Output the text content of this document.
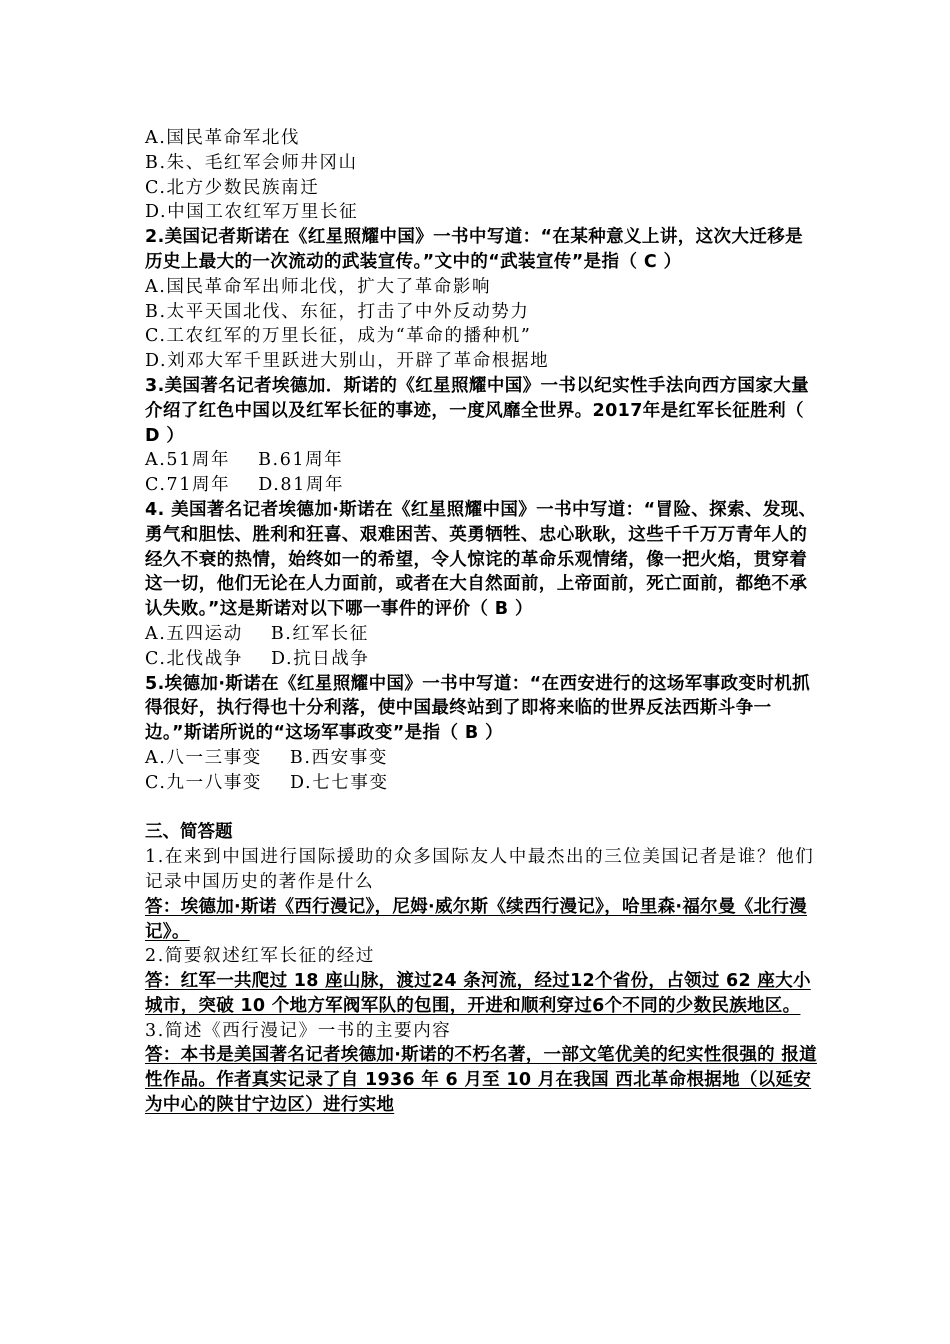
A.国民革命军北伐
B.朱、毛红军会师井冈山
C.北方少数民族南迁
D.中国工农红军万里长征
2.美国记者斯诺在《红星照耀中国》一书中写道：“在某种意义上讲，这次大迁移是历史上最大的一次流动的武装宣传。”文中的“武装宣传”是指（ C ）
A.国民革命军出师北伐，扩大了革命影响
B.太平天国北伐、东征，打击了中外反动势力
C.工农红军的万里长征，成为“革命的播种机”
D.刘邓大军千里跃进大别山，开辟了革命根据地
3.美国著名记者埃德加．斯诺的《红星照耀中国》一书以纪实性手法向西方国家大量介绍了红色中国以及红军长征的事迹，一度风靡全世界。2017年是红军长征胜利（ D ）
A.51周年 B.61周年
C.71周年 D.81周年
4. 美国著名记者埃德加·斯诺在《红星照耀中国》一书中写道：“冒险、探索、发现、勇气和胆怯、胜利和狂喜、艰难困苦、英勇牺牲、忠心耿耿，这些千千万万青年人的经久不衰的热情，始终如一的希望，令人惊诧的革命乐观情绪，像一把火焰，贯穿着这一切，他们无论在人力面前，或者在大自然面前，上帝面前，死亡面前，都绝不承认失败。”这是斯诺对以下哪一事件的评价（ B ）
A.五四运动 B.红军长征
C.北伐战争 D.抗日战争
5.埃德加·斯诺在《红星照耀中国》一书中写道：“在西安进行的这场军事政变时机抓得很好，执行得也十分利落，使中国最终站到了即将来临的世界反法西斯斗争一边。”斯诺所说的“这场军事政变”是指（ B ）
A.八一三事变 B.西安事变
C.九一八事变 D.七七事变
三、简答题
1.在来到中国进行国际援助的众多国际友人中最杰出的三位美国记者是谁？他们记录中国历史的著作是什么
答：埃德加·斯诺《西行漫记》，尼姆·威尔斯《续西行漫记》，哈里森·福尔曼《北行漫记》。
2.简要叙述红军长征的经过
答：红军一共爬过 18 座山脉，渡过24 条河流，经过12个省份，占领过 62 座大小城市，突破 10 个地方军阀军队的包围，开进和顺利穿过6个不同的少数民族地区。
3.简述《西行漫记》一书的主要内容
答：本书是美国著名记者埃德加·斯诺的不朽名著，一部文笔优美的纪实性很强的 报道性作品。作者真实记录了自 1936 年 6 月至 10 月在我国 西北革命根据地（以延安为中心的陕甘宁边区）进行实地
